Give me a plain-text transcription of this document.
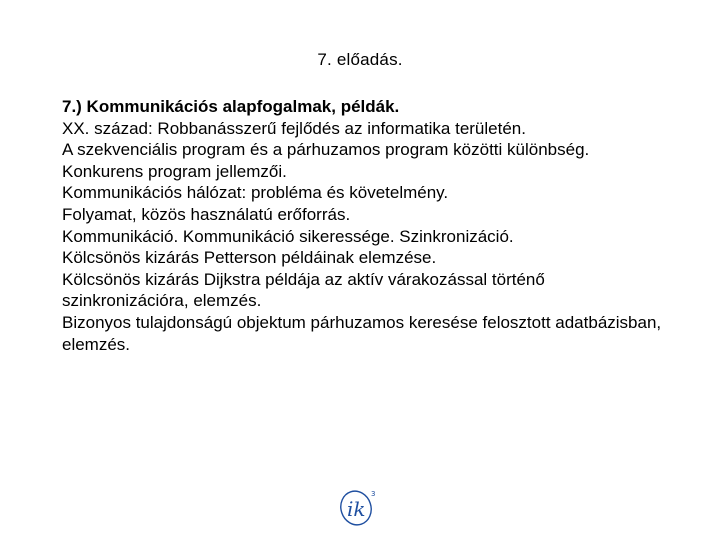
7. előadás.

7.) Kommunikációs alapfogalmak, példák.

XX. század: Robbanásszerű fejlődés az informatika területén.

A szekvenciális program és a párhuzamos program közötti különbség.

Konkurens program jellemzői.

Kommunikációs hálózat: probléma és követelmény.

Folyamat, közös használatú erőforrás.

Kommunikáció. Kommunikáció sikeressége. Szinkronizáció.

Kölcsönös kizárás Petterson példáinak elemzése.

Kölcsönös kizárás Dijkstra példája az aktív várakozással történő szinkronizációra, elemzés.

Bizonyos tulajdonságú objektum párhuzamos keresése felosztott adatbázisban, elemzés.

ik
3
